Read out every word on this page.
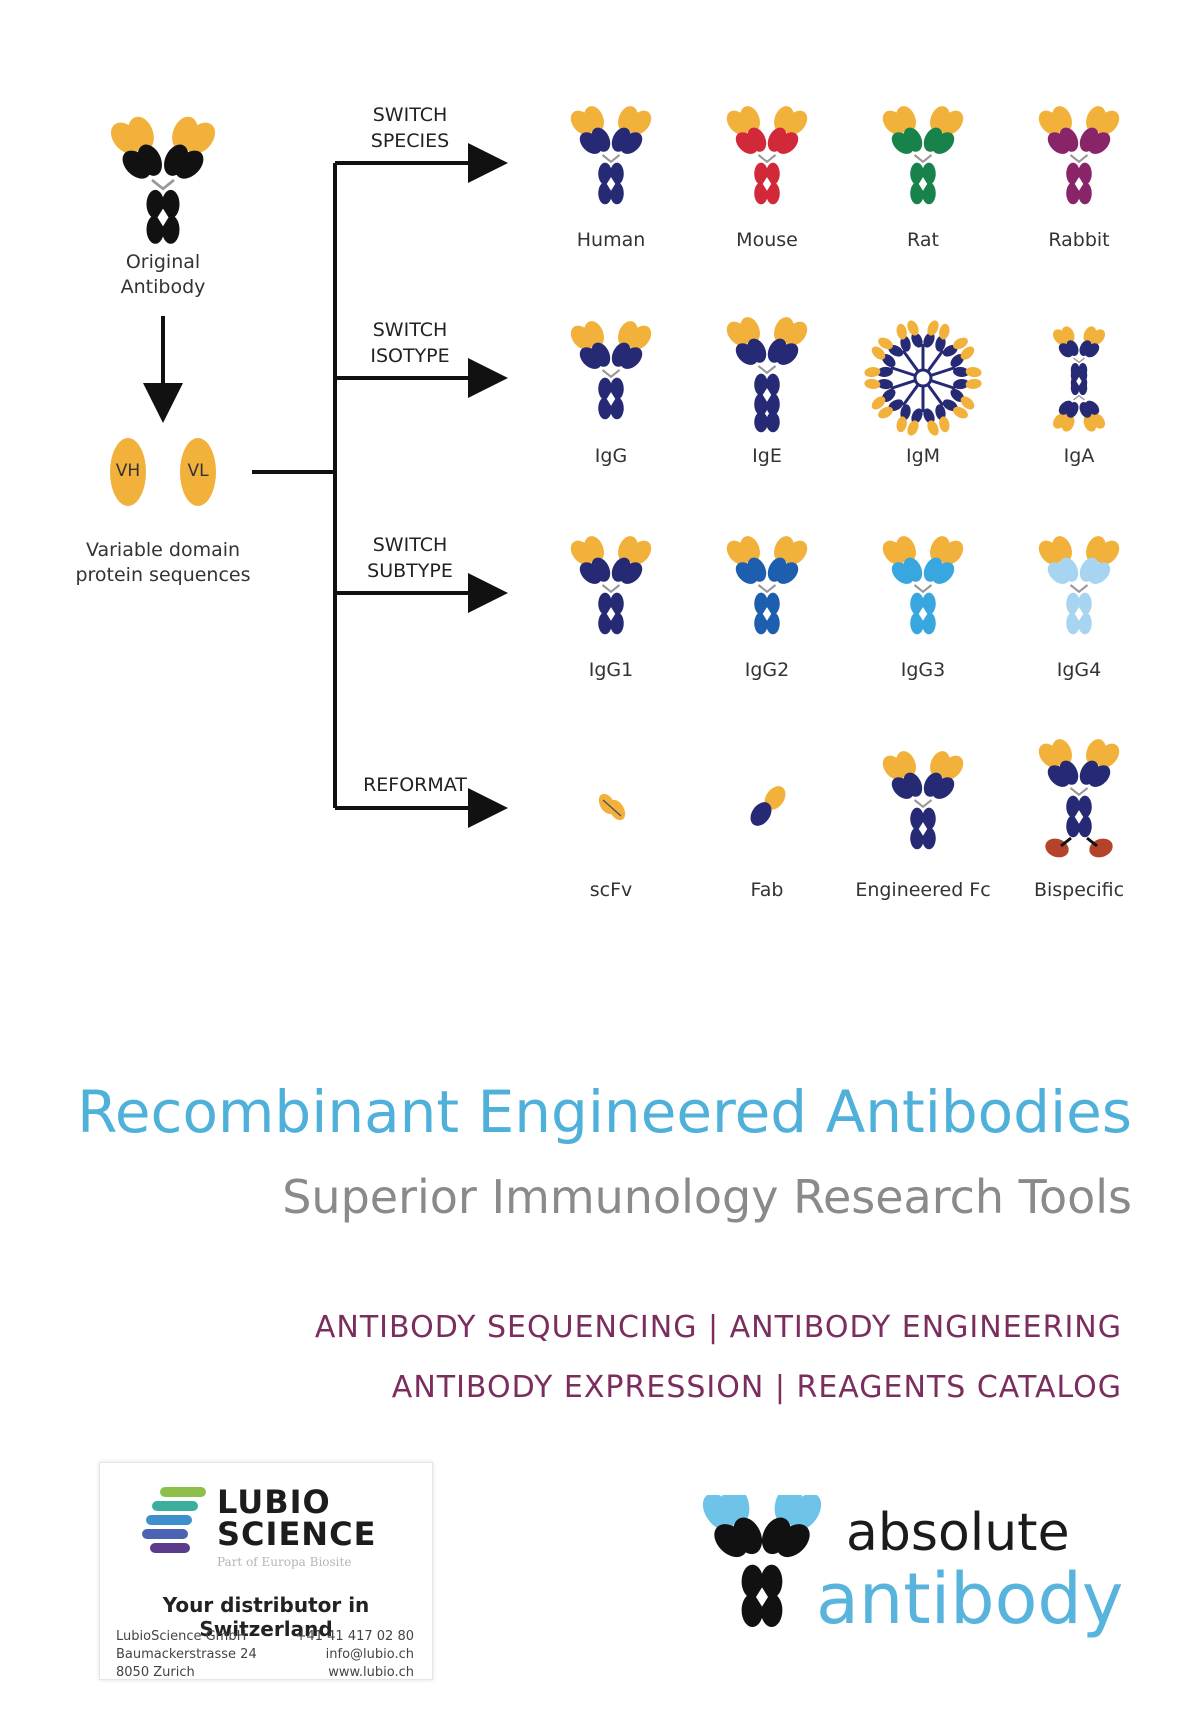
Original
Antibody
VH	VL
Variable domain
protein sequences
SWITCH
SPECIES
SWITCH
ISOTYPE
SWITCH
SUBTYPE
REFORMAT
Human	Mouse	Rat	Rabbit
IgG	IgE	IgM	IgA
IgG1	IgG2	IgG3	IgG4
scFv	Fab	Engineered Fc	Bispecific
Recombinant Engineered Antibodies
Superior Immunology Research Tools
ANTIBODY SEQUENCING | ANTIBODY ENGINEERING
ANTIBODY EXPRESSION | REAGENTS CATALOG
LUBIO
SCIENCE
Part of Europa Biosite
Your distributor in Switzerland
LubioScience GmbH
Baumackerstrasse 24
8050 Zurich
+41 41 417 02 80
info@lubio.ch
www.lubio.ch
absolute
antibody
